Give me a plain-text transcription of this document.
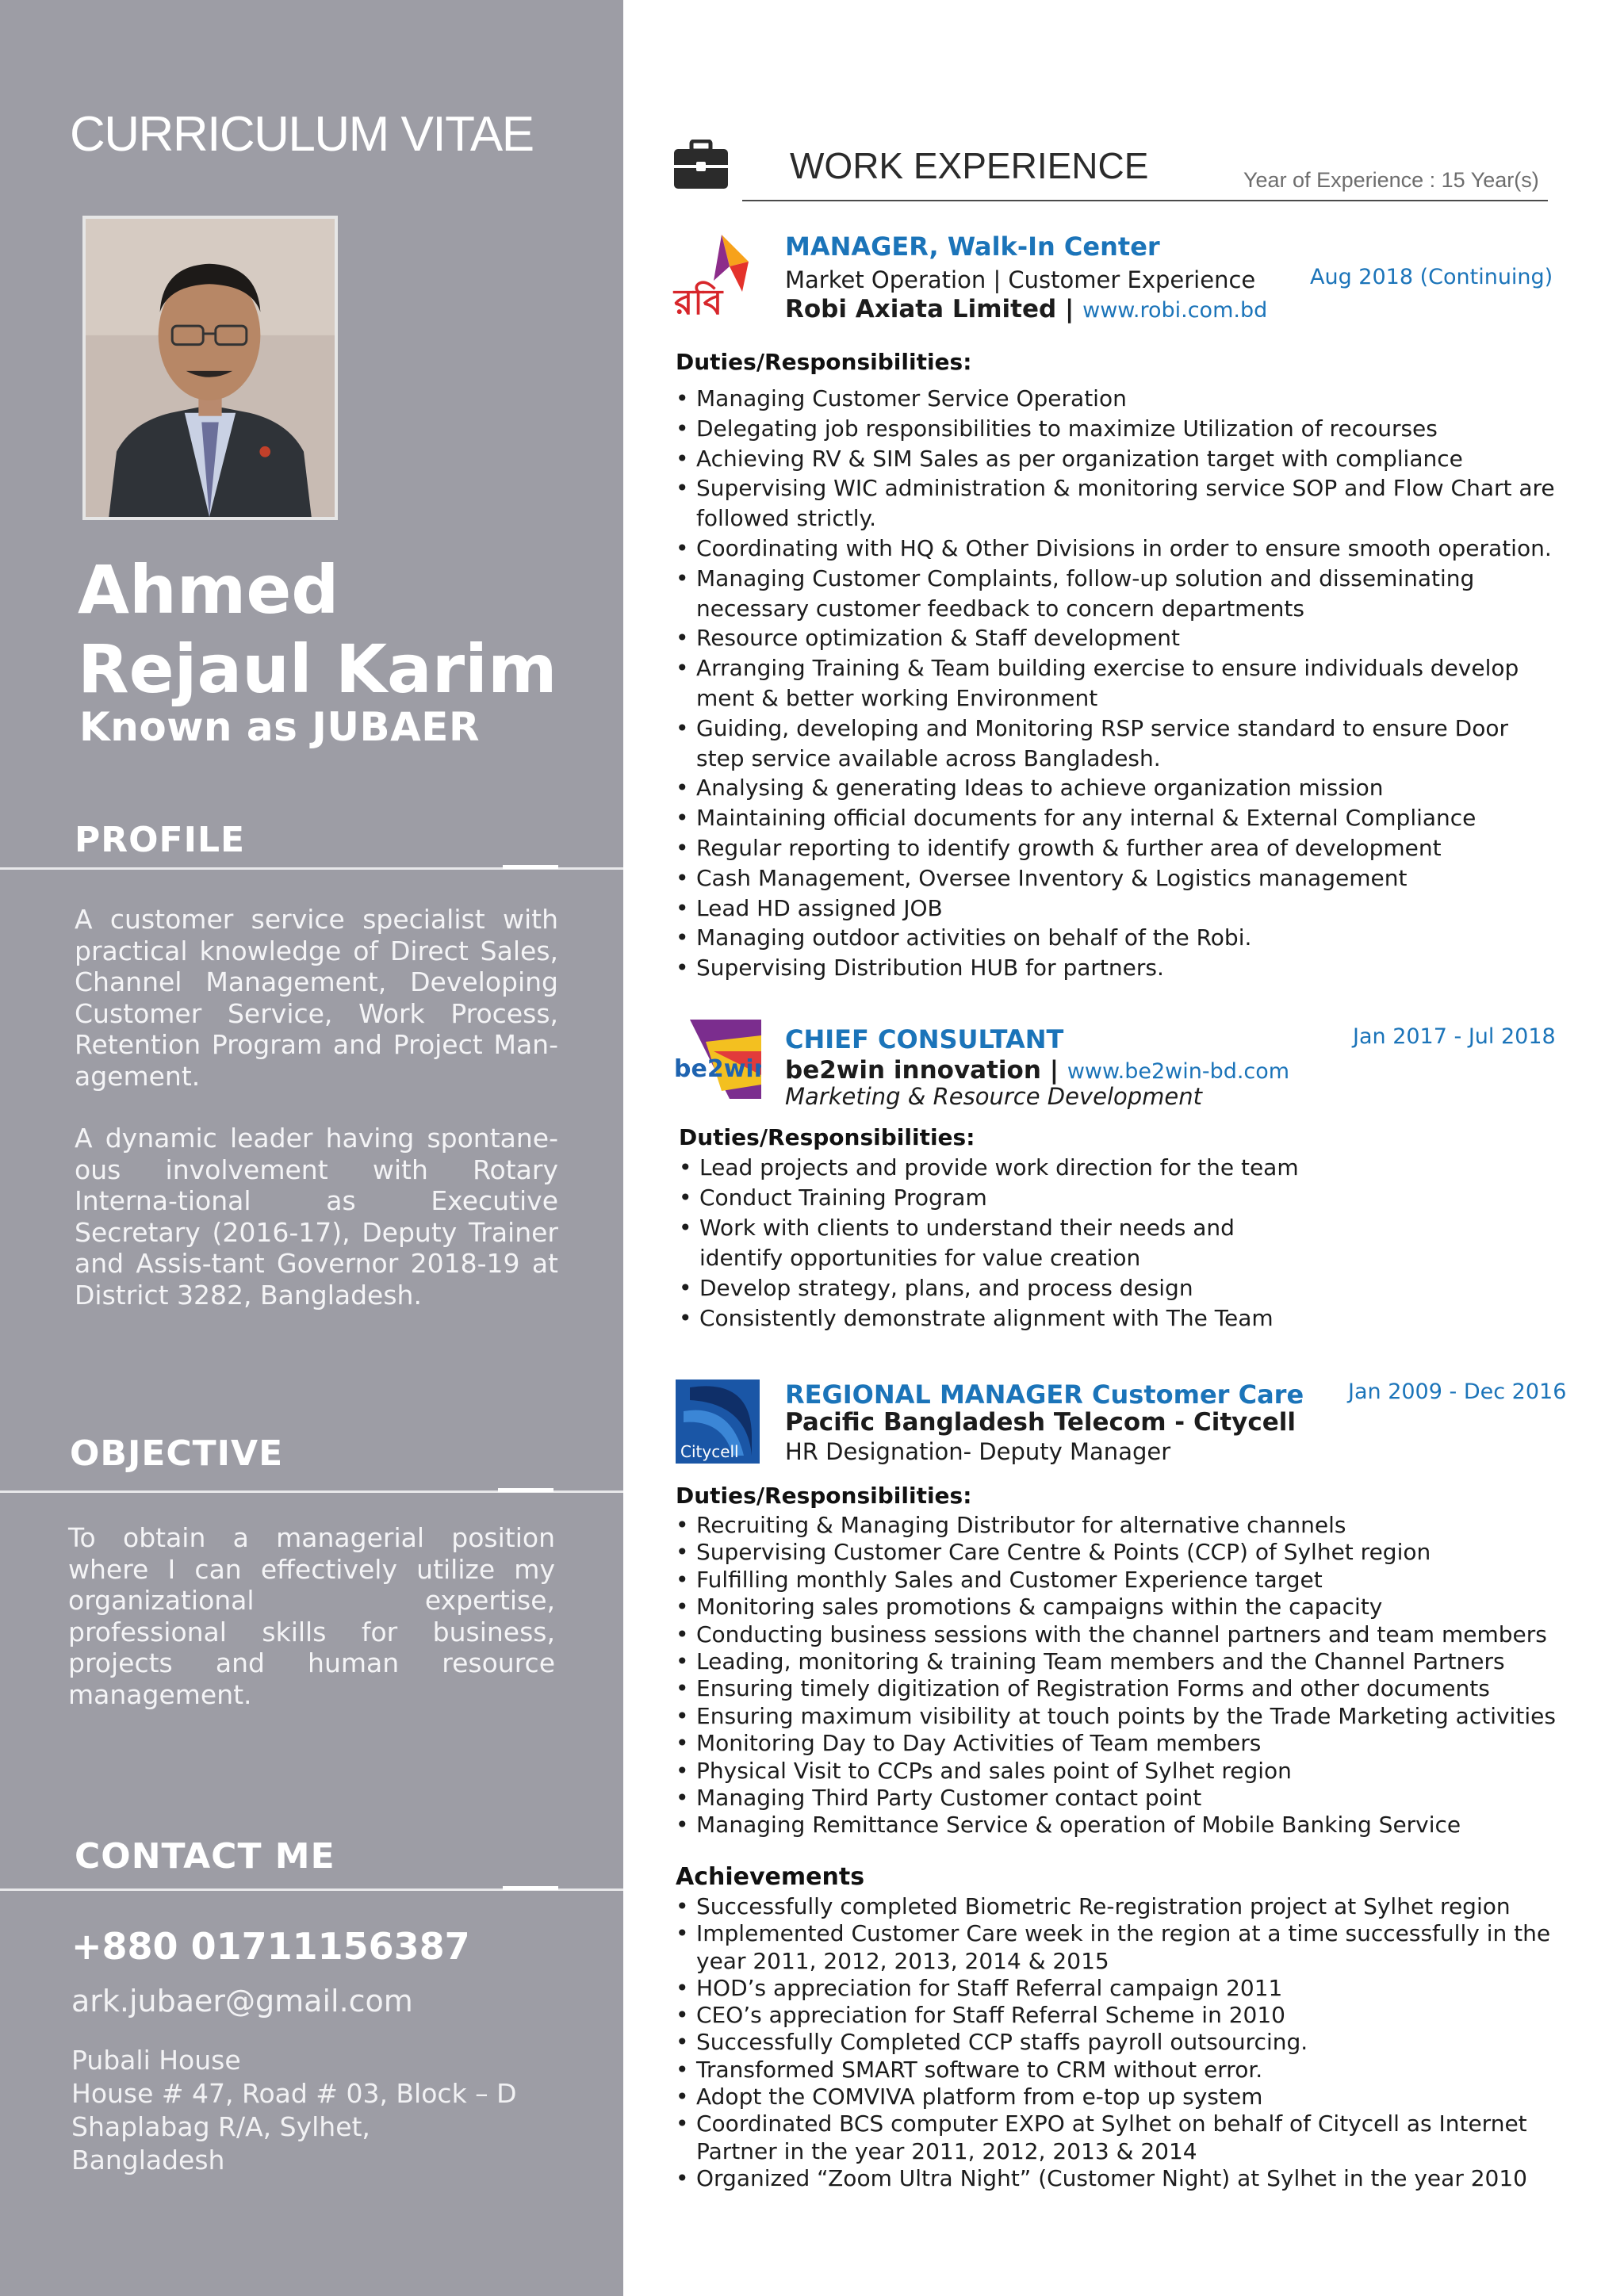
CURRICULUM VITAE
Ahmed
Rejaul Karim
Known as JUBAER
PROFILE
A customer service specialist with practical knowledge of Direct Sales, Channel Management, Developing Customer Service, Work Process, Retention Program and Project Man-agement.
A dynamic leader having spontane-ous involvement with Rotary Interna-tional as Executive Secretary (2016-17), Deputy Trainer and Assis-tant Governor 2018-19 at District 3282, Bangladesh.
OBJECTIVE
To obtain a managerial position where I can effectively utilize my organizational expertise, professional skills for business, projects and human resource management.
CONTACT ME
+880 01711156387
ark.jubaer@gmail.com
Pubali House
House # 47, Road # 03, Block – D
Shaplabag R/A, Sylhet,
Bangladesh
WORK EXPERIENCE	Year of Experience : 15 Year(s)
রবি
MANAGER, Walk-In Center
Market Operation | Customer Experience
Robi Axiata Limited | www.robi.com.bd
Aug 2018 (Continuing)
Duties/Responsibilities:
• Managing Customer Service Operation
• Delegating job responsibilities to maximize Utilization of recourses
• Achieving RV & SIM Sales as per organization target with compliance
• Supervising WIC administration & monitoring service SOP and Flow Chart are
followed strictly.
• Coordinating with HQ & Other Divisions in order to ensure smooth operation.
• Managing Customer Complaints, follow-up solution and disseminating
necessary customer feedback to concern departments
• Resource optimization & Staff development
• Arranging Training & Team building exercise to ensure individuals develop
ment & better working Environment
• Guiding, developing and Monitoring RSP service standard to ensure Door
step service available across Bangladesh.
• Analysing & generating Ideas to achieve organization mission
• Maintaining official documents for any internal & External Compliance
• Regular reporting to identify growth & further area of development
• Cash Management, Oversee Inventory & Logistics management
• Lead HD assigned JOB
• Managing outdoor activities on behalf of the Robi.
• Supervising Distribution HUB for partners.
be2win
CHIEF CONSULTANT
be2win innovation | www.be2win-bd.com
Marketing & Resource Development
Jan 2017 - Jul 2018
Duties/Responsibilities:
• Lead projects and provide work direction for the team
• Conduct Training Program
• Work with clients to understand their needs and
identify opportunities for value creation
• Develop strategy, plans, and process design
• Consistently demonstrate alignment with The Team
Citycell
REGIONAL MANAGER Customer Care
Pacific Bangladesh Telecom - Citycell
HR Designation- Deputy Manager
Jan 2009 - Dec 2016
Duties/Responsibilities:
• Recruiting & Managing Distributor for alternative channels
• Supervising Customer Care Centre & Points (CCP) of Sylhet region
• Fulfilling monthly Sales and Customer Experience target
• Monitoring sales promotions & campaigns within the capacity
• Conducting business sessions with the channel partners and team members
• Leading, monitoring & training Team members and the Channel Partners
• Ensuring timely digitization of Registration Forms and other documents
• Ensuring maximum visibility at touch points by the Trade Marketing activities
• Monitoring Day to Day Activities of Team members
• Physical Visit to CCPs and sales point of Sylhet region
• Managing Third Party Customer contact point
• Managing Remittance Service & operation of Mobile Banking Service
Achievements
• Successfully completed Biometric Re-registration project at Sylhet region
• Implemented Customer Care week in the region at a time successfully in the
year 2011, 2012, 2013, 2014 & 2015
• HOD’s appreciation for Staff Referral campaign 2011
• CEO’s appreciation for Staff Referral Scheme in 2010
• Successfully Completed CCP staffs payroll outsourcing.
• Transformed SMART software to CRM without error.
• Adopt the COMVIVA platform from e-top up system
• Coordinated BCS computer EXPO at Sylhet on behalf of Citycell as Internet
Partner in the year 2011, 2012, 2013 & 2014
• Organized “Zoom Ultra Night” (Customer Night) at Sylhet in the year 2010
